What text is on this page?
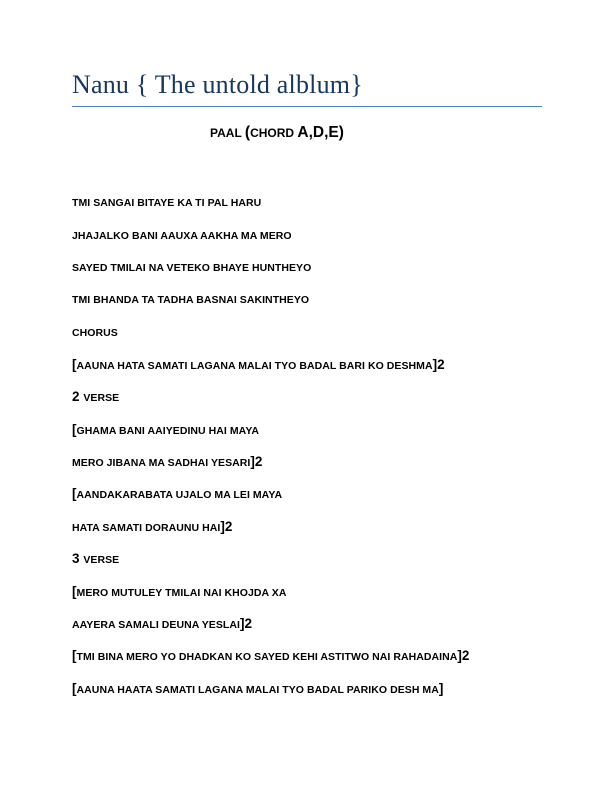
Nanu { The untold alblum}
PAAL (CHORD A,D,E)
TMI SANGAI BITAYE KA TI PAL HARU
JHAJALKO BANI AAUXA AAKHA MA MERO
SAYED TMILAI NA VETEKO BHAYE HUNTHEYO
TMI BHANDA TA TADHA BASNAI SAKINTHEYO
CHORUS
[AAUNA HATA SAMATI LAGANA MALAI TYO BADAL BARI KO DESHMA]2
2 VERSE
[GHAMA BANI AAIYEDINU HAI MAYA
MERO JIBANA MA SADHAI YESARI]2
[AANDAKARABATA UJALO MA LEI MAYA
HATA SAMATI DORAUNU HAI]2
3 VERSE
[MERO MUTULEY TMILAI NAI KHOJDA XA
AAYERA SAMALI DEUNA YESLAI]2
[TMI BINA MERO YO DHADKAN KO SAYED KEHI ASTITWO NAI RAHADAINA]2
[AAUNA HAATA SAMATI LAGANA MALAI TYO BADAL PARIKO DESH MA]
